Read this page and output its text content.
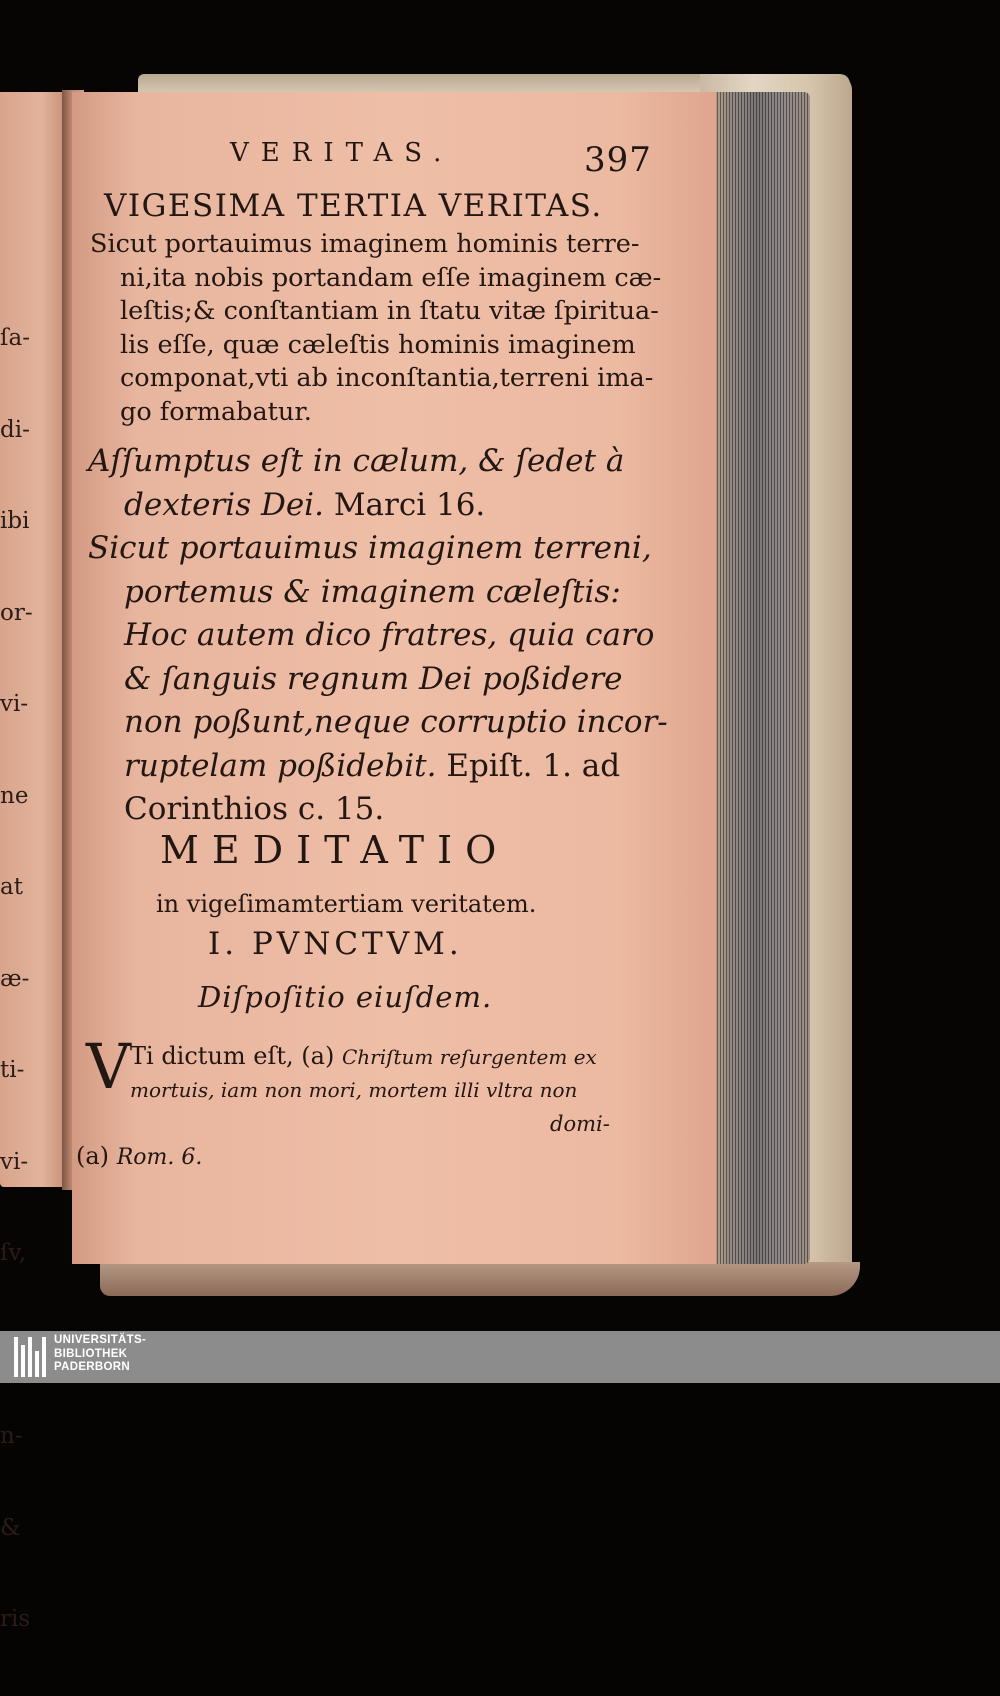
ſa-

di-

ibi

or-

vi-

ne

at

æ-

ti-

vi-

ſv,

n-

&

ris

VERITAS.	397
VIGESIMA TERTIA VERITAS.
Sicut portauimus imaginem hominis terre-
ni,ita nobis portandam eſſe imaginem cæ-
leſtis;& conſtantiam in ſtatu vitæ ſpiritua-
lis eſſe, quæ cæleſtis hominis imaginem
componat,vti ab inconſtantia,terreni ima-
go formabatur.
Aſſumptus eſt in cælum, & ſedet à
dexteris Dei. Marci 16.
Sicut portauimus imaginem terreni,
portemus & imaginem cæleſtis:
Hoc autem dico fratres, quia caro
& ſanguis regnum Dei poßidere
non poßunt,neque corruptio incor-
ruptelam poßidebit. Epiſt. 1. ad
Corinthios c. 15.
MEDITATIO
in vigeſimamtertiam veritatem.
I. PVNCTVM.
Diſpoſitio eiuſdem.
V Ti dictum eſt, (a) Chriſtum reſurgentem ex
mortuis, iam non mori, mortem illi vltra non
domi-
(a) Rom. 6.
UNIVERSITÄTS-
BIBLIOTHEK
PADERBORN
